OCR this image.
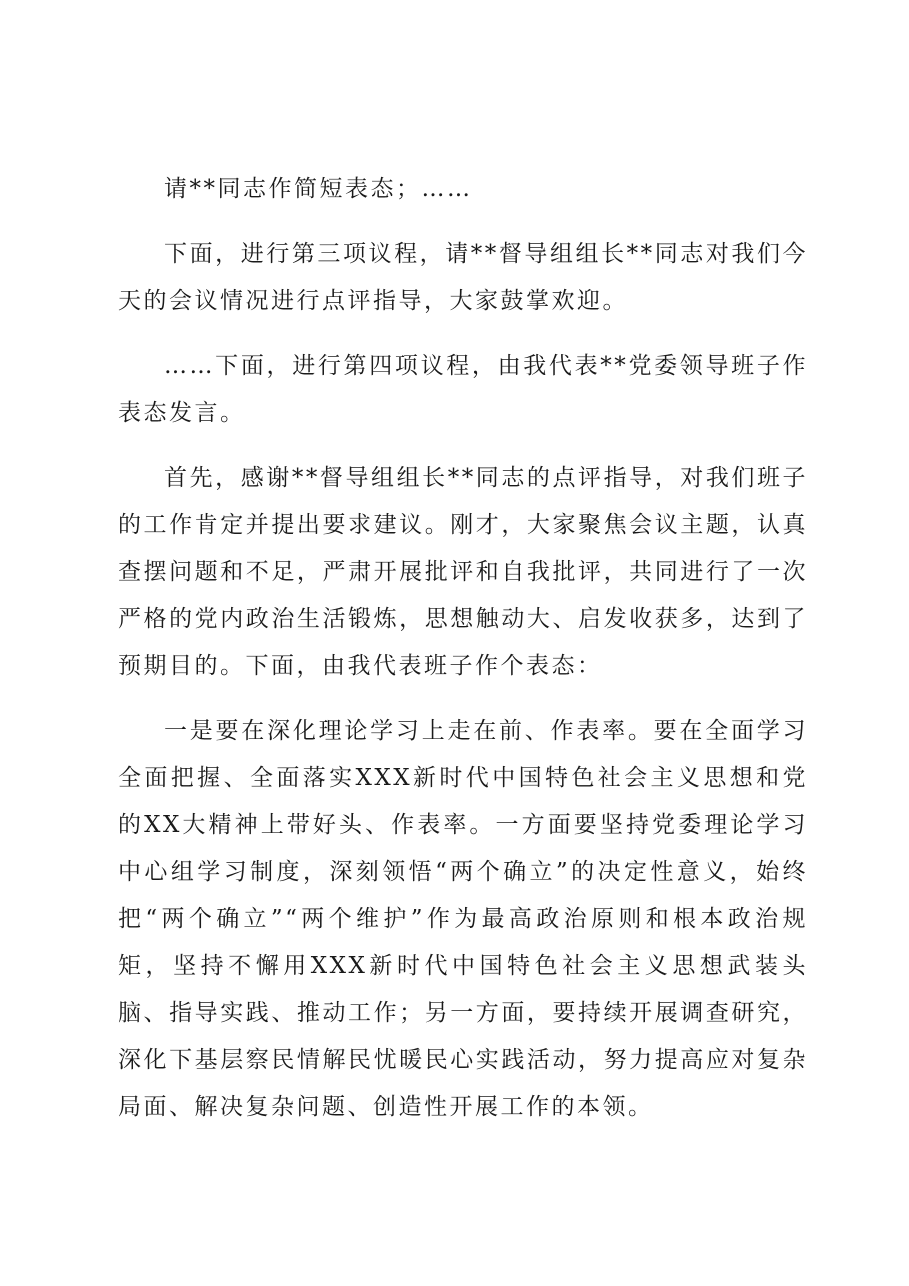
请**同志作简短表态；……

下面，进行第三项议程，请**督导组组长**同志对我们今天的会议情况进行点评指导，大家鼓掌欢迎。

……下面，进行第四项议程，由我代表**党委领导班子作表态发言。

首先，感谢**督导组组长**同志的点评指导，对我们班子的工作肯定并提出要求建议。刚才，大家聚焦会议主题，认真查摆问题和不足，严肃开展批评和自我批评，共同进行了一次严格的党内政治生活锻炼，思想触动大、启发收获多，达到了预期目的。下面，由我代表班子作个表态：

一是要在深化理论学习上走在前、作表率。要在全面学习全面把握、全面落实XXX新时代中国特色社会主义思想和党的XX大精神上带好头、作表率。一方面要坚持党委理论学习中心组学习制度，深刻领悟“两个确立”的决定性意义，始终把“两个确立”“两个维护”作为最高政治原则和根本政治规矩，坚持不懈用XXX新时代中国特色社会主义思想武装头脑、指导实践、推动工作；另一方面，要持续开展调查研究，深化下基层察民情解民忧暖民心实践活动，努力提高应对复杂局面、解决复杂问题、创造性开展工作的本领。
